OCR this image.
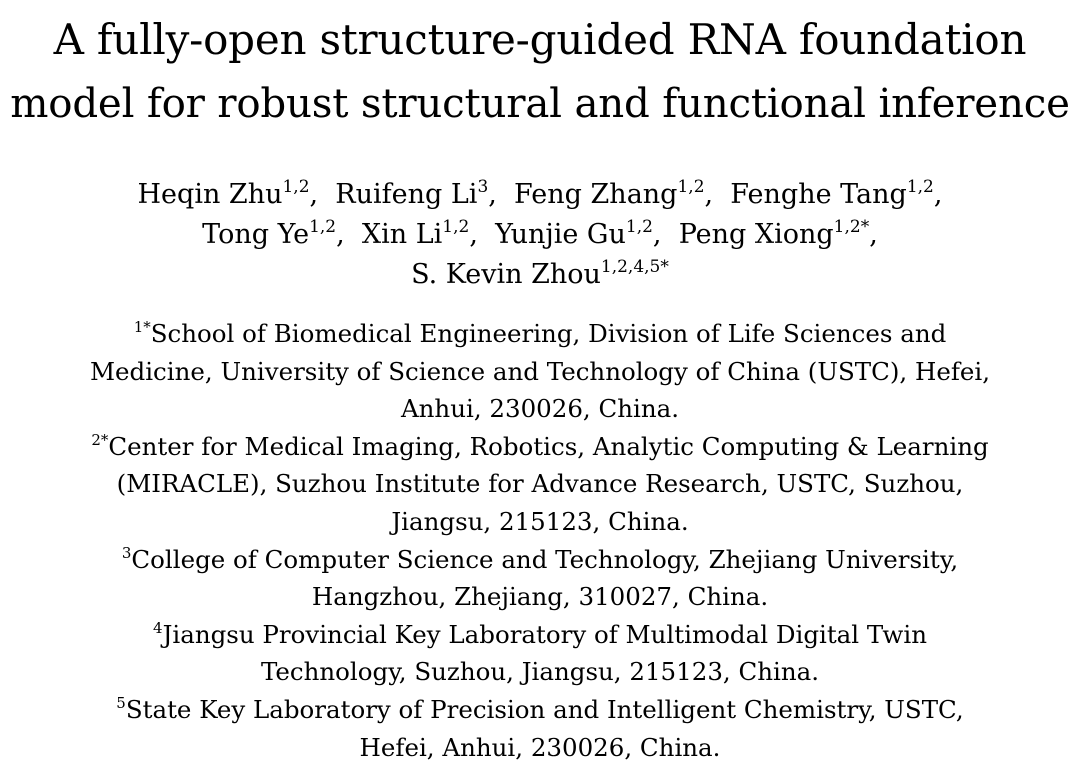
A fully-open structure-guided RNA foundation
model for robust structural and functional inference
Heqin Zhu$^{1,2}$, Ruifeng Li$^3$, Feng Zhang$^{1,2}$, Fenghe Tang$^{1,2}$,
Tong Ye$^{1,2}$, Xin Li$^{1,2}$, Yunjie Gu$^{1,2}$, Peng Xiong$^{1,2*}$,
S. Kevin Zhou$^{1,2,4,5*}$
$^{1*}$School of Biomedical Engineering, Division of Life Sciences and
Medicine, University of Science and Technology of China (USTC), Hefei,
Anhui, 230026, China.
$^{2*}$Center for Medical Imaging, Robotics, Analytic Computing & Learning
(MIRACLE), Suzhou Institute for Advance Research, USTC, Suzhou,
Jiangsu, 215123, China.
$^3$College of Computer Science and Technology, Zhejiang University,
Hangzhou, Zhejiang, 310027, China.
$^4$Jiangsu Provincial Key Laboratory of Multimodal Digital Twin
Technology, Suzhou, Jiangsu, 215123, China.
$^5$State Key Laboratory of Precision and Intelligent Chemistry, USTC,
Hefei, Anhui, 230026, China.
